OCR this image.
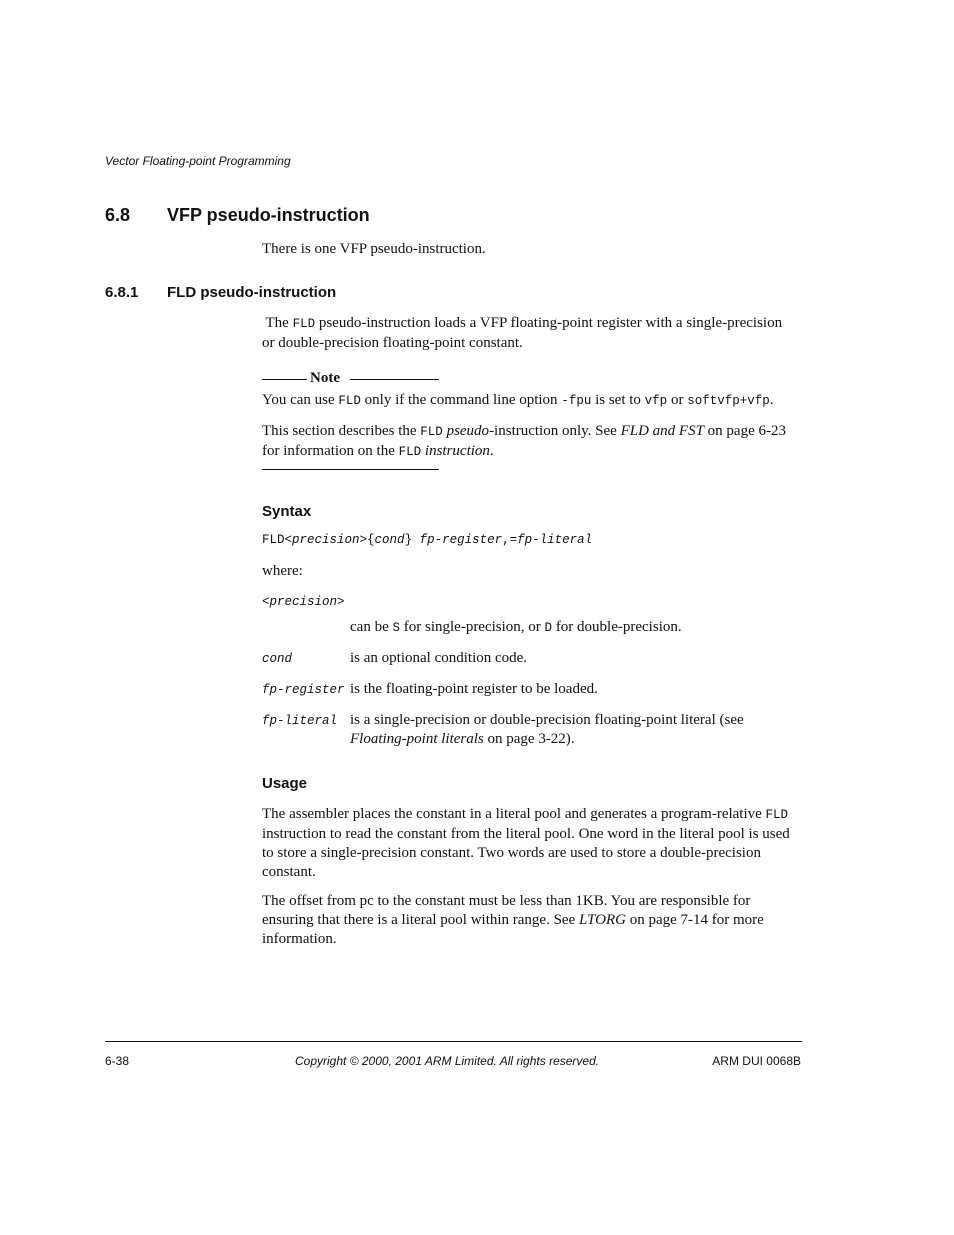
Vector Floating-point Programming
6.8 VFP pseudo-instruction
There is one VFP pseudo-instruction.
6.8.1 FLD pseudo-instruction
The FLD pseudo-instruction loads a VFP floating-point register with a single-precision
or double-precision floating-point constant.
Note
You can use FLD only if the command line option -fpu is set to vfp or softvfp+vfp.
This section describes the FLD pseudo-instruction only. See FLD and FST on page 6-23
for information on the FLD instruction.
Syntax
FLD<precision>{cond} fp-register,=fp-literal
where:
<precision>
can be S for single-precision, or D for double-precision.
cond	is an optional condition code.
fp-register is the floating-point register to be loaded.
fp-literal is a single-precision or double-precision floating-point literal (see
Floating-point literals on page 3-22).
Usage
The assembler places the constant in a literal pool and generates a program-relative FLD
instruction to read the constant from the literal pool. One word in the literal pool is used
to store a single-precision constant. Two words are used to store a double-precision
constant.
The offset from pc to the constant must be less than 1KB. You are responsible for
ensuring that there is a literal pool within range. See LTORG on page 7-14 for more
information.
6-38	Copyright © 2000, 2001 ARM Limited. All rights reserved.	ARM DUI 0068B
